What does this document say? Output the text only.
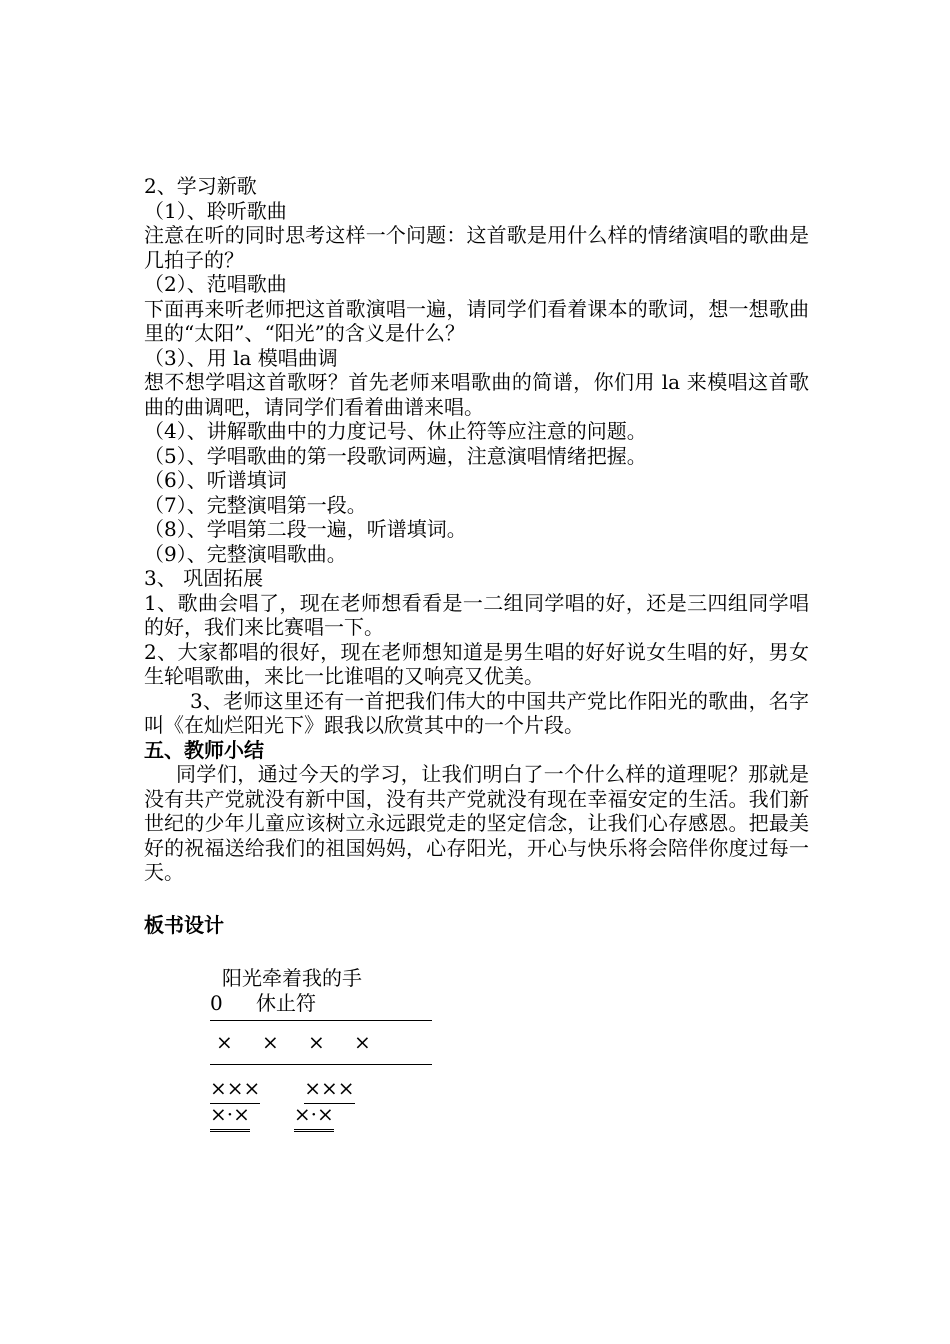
2、学习新歌

（1）、聆听歌曲

注意在听的同时思考这样一个问题：这首歌是用什么样的情绪演唱的歌曲是几拍子的？

（2）、范唱歌曲

下面再来听老师把这首歌演唱一遍，请同学们看着课本的歌词，想一想歌曲里的“太阳”、“阳光”的含义是什么？

（3）、用 la 模唱曲调

想不想学唱这首歌呀？首先老师来唱歌曲的简谱，你们用 la 来模唱这首歌曲的曲调吧，请同学们看着曲谱来唱。

（4）、讲解歌曲中的力度记号、休止符等应注意的问题。

（5）、学唱歌曲的第一段歌词两遍，注意演唱情绪把握。

（6）、听谱填词

（7）、完整演唱第一段。

（8）、学唱第二段一遍，听谱填词。

（9）、完整演唱歌曲。

3、 巩固拓展

1、歌曲会唱了，现在老师想看看是一二组同学唱的好，还是三四组同学唱的好，我们来比赛唱一下。

2、大家都唱的很好，现在老师想知道是男生唱的好好说女生唱的好，男女生轮唱歌曲，来比一比谁唱的又响亮又优美。

3、老师这里还有一首把我们伟大的中国共产党比作阳光的歌曲，名字叫《在灿烂阳光下》跟我以欣赏其中的一个片段。

五、教师小结

同学们，通过今天的学习，让我们明白了一个什么样的道理呢？那就是没有共产党就没有新中国，没有共产党就没有现在幸福安定的生活。我们新世纪的少年儿童应该树立永远跟党走的坚定信念，让我们心存感恩。把最美好的祝福送给我们的祖国妈妈，心存阳光，开心与快乐将会陪伴你度过每一天。

板书设计

阳光牵着我的手
0 休止符
× × × ×
××× ×××
×·× ×·×
